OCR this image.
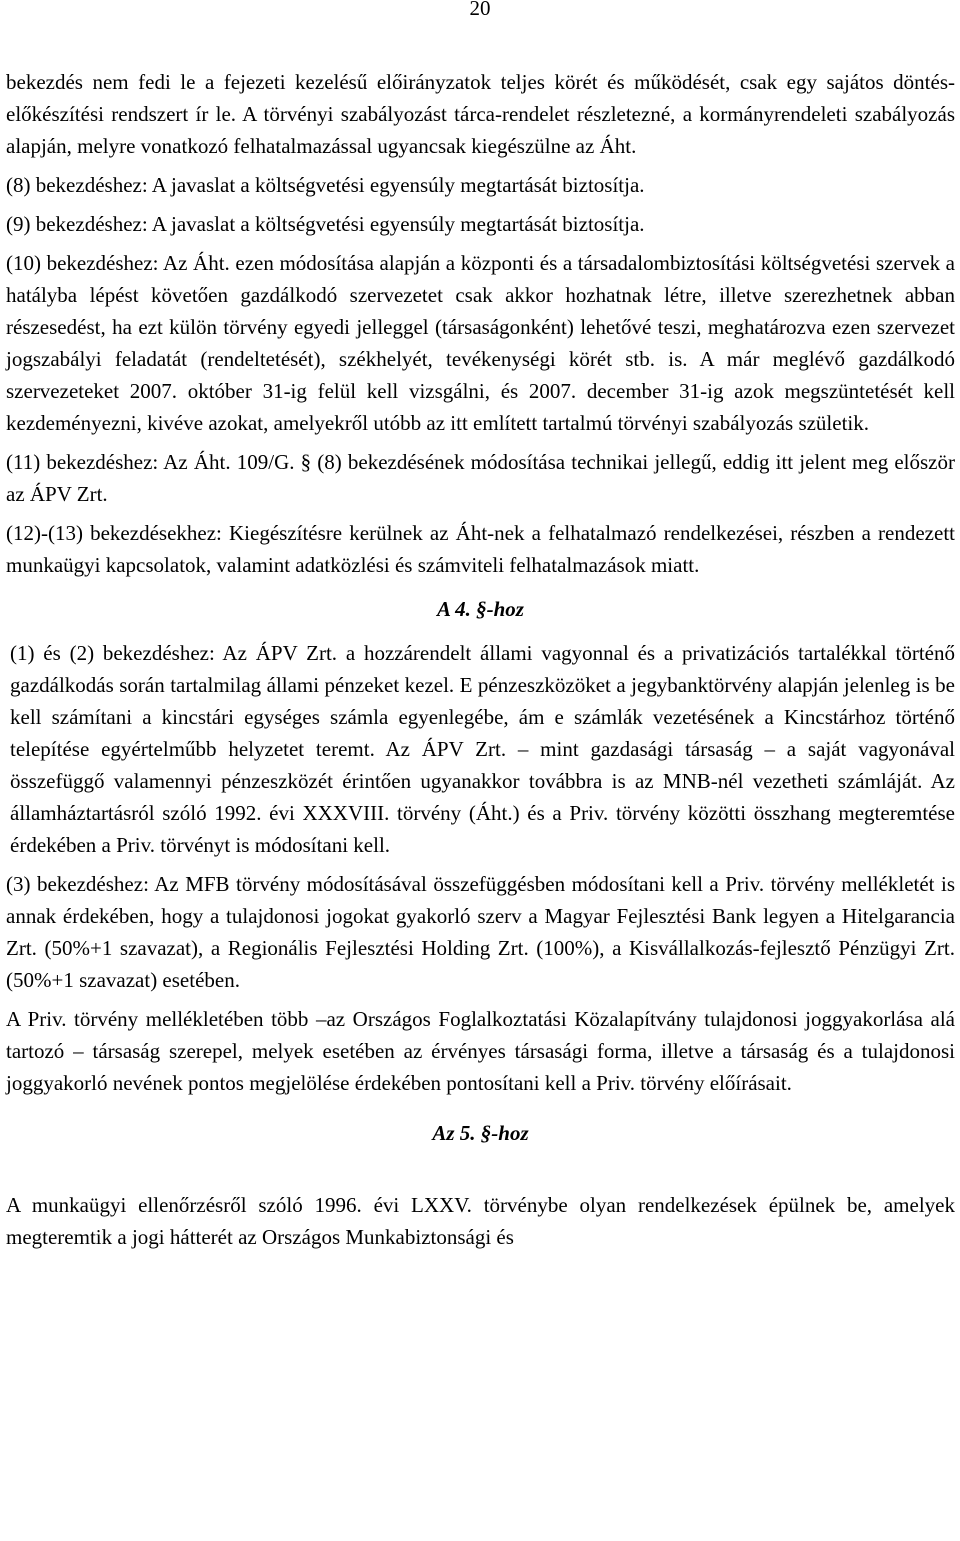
20

bekezdés nem fedi le a fejezeti kezelésű előirányzatok teljes körét és működését, csak egy sajátos döntés-előkészítési rendszert ír le. A törvényi szabályozást tárca-rendelet részletezné, a kormányrendeleti szabályozás alapján, melyre vonatkozó felhatalmazással ugyancsak kiegészülne az Áht.

(8) bekezdéshez: A javaslat a költségvetési egyensúly megtartását biztosítja.

(9) bekezdéshez: A javaslat a költségvetési egyensúly megtartását biztosítja.

(10) bekezdéshez: Az Áht. ezen módosítása alapján a központi és a társadalombiztosítási költségvetési szervek a hatályba lépést követően gazdálkodó szervezetet csak akkor hozhatnak létre, illetve szerezhetnek abban részesedést, ha ezt külön törvény egyedi jelleggel (társaságonként) lehetővé teszi, meghatározva ezen szervezet jogszabályi feladatát (rendeltetését), székhelyét, tevékenységi körét stb. is. A már meglévő gazdálkodó szervezeteket 2007. október 31-ig felül kell vizsgálni, és 2007. december 31-ig azok megszüntetését kell kezdeményezni, kivéve azokat, amelyekről utóbb az itt említett tartalmú törvényi szabályozás születik.

(11) bekezdéshez: Az Áht. 109/G. § (8) bekezdésének módosítása technikai jellegű, eddig itt jelent meg először az ÁPV Zrt.

(12)-(13) bekezdésekhez: Kiegészítésre kerülnek az Áht-nek a felhatalmazó rendelkezései, részben a rendezett munkaügyi kapcsolatok, valamint adatközlési és számviteli felhatalmazások miatt.

A 4. §-hoz

(1) és (2) bekezdéshez: Az ÁPV Zrt. a hozzárendelt állami vagyonnal és a privatizációs tartalékkal történő gazdálkodás során tartalmilag állami pénzeket kezel. E pénzeszközöket a jegybanktörvény alapján jelenleg is be kell számítani a kincstári egységes számla egyenlegébe, ám e számlák vezetésének a Kincstárhoz történő telepítése egyértelműbb helyzetet teremt. Az ÁPV Zrt. – mint gazdasági társaság – a saját vagyonával összefüggő valamennyi pénzeszközét érintően ugyanakkor továbbra is az MNB-nél vezetheti számláját. Az államháztartásról szóló 1992. évi XXXVIII. törvény (Áht.) és a Priv. törvény közötti összhang megteremtése érdekében a Priv. törvényt is módosítani kell.

(3) bekezdéshez: Az MFB törvény módosításával összefüggésben módosítani kell a Priv. törvény mellékletét is annak érdekében, hogy a tulajdonosi jogokat gyakorló szerv a Magyar Fejlesztési Bank legyen a Hitelgarancia Zrt. (50%+1 szavazat), a Regionális Fejlesztési Holding Zrt. (100%), a Kisvállalkozás-fejlesztő Pénzügyi Zrt. (50%+1 szavazat) esetében.

A Priv. törvény mellékletében több –az Országos Foglalkoztatási Közalapítvány tulajdonosi joggyakorlása alá tartozó – társaság szerepel, melyek esetében az érvényes társasági forma, illetve a társaság és a tulajdonosi joggyakorló nevének pontos megjelölése érdekében pontosítani kell a Priv. törvény előírásait.

Az 5. §-hoz

A munkaügyi ellenőrzésről szóló 1996. évi LXXV. törvénybe olyan rendelkezések épülnek be, amelyek megteremtik a jogi hátterét az Országos Munkabiztonsági és
